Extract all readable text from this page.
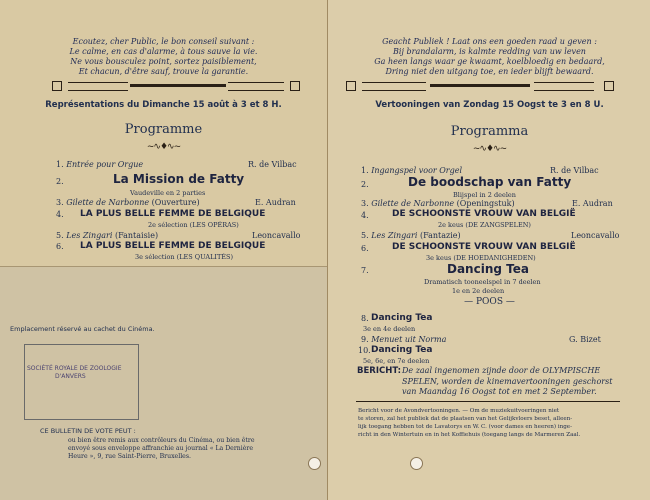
Ecoutez, cher Public, le bon conseil suivant :
Le calme, en cas d'alarme, à tous sauve la vie.
Ne vous bousculez point, sortez paisiblement,
Et chacun, d'être sauf, trouve la garantie.
Représentations du Dimanche 15 août à 3 et 8 H.
Programme
~∿♦∿~
1. Entrée pour Orgue	R. de Vilbac
2.	La Mission de Fatty
Vaudeville en 2 parties
3. Gilette de Narbonne (Ouverture)	E. Audran
4. LA PLUS BELLE FEMME DE BELGIQUE
2e sélection (LES OPÉRAS)
5. Les Zingari (Fantaisie)	Leoncavallo
6. LA PLUS BELLE FEMME DE BELGIQUE
3e sélection (LES QUALITÉS)
Emplacement réservé au cachet du Cinéma.
SOCIÉTÉ ROYALE DE ZOOLOGIE
D'ANVERS
CE BULLETIN DE VOTE PEUT :
ou bien être remis aux contrôleurs du Cinéma, ou bien être
envoyé sous enveloppe affranchie au journal « La Dernière
Heure », 9, rue Saint-Pierre, Bruxelles.
Geacht Publiek ! Laat ons een goeden raad u geven :
Bij brandalarm, is kalmte redding van uw leven
Ga heen langs waar ge kwaamt, koelbloedig en bedaard,
Dring niet den uitgang toe, en ieder blijft bewaard.
Vertooningen van Zondag 15 Oogst te 3 en 8 U.
Programma
~∿♦∿~
1. Ingangspel voor Orgel	R. de Vilbac
2.	De boodschap van Fatty
Blijspel in 2 deelen
3. Gilette de Narbonne (Openingstuk)	E. Audran
4.	DE SCHOONSTE VROUW VAN BELGIË
2e keus (DE ZANGSPELEN)
5. Les Zingari (Fantazie)	Leoncavallo
6.	DE SCHOONSTE VROUW VAN BELGIË
3e keus (DE HOEDANIGHEDEN)
7.	Dancing Tea
Dramatisch tooneelspel in 7 deelen
1e en 2e deelen
— POOS —
8. Dancing Tea
3e en 4e deelen
9. Menuet uit Norma	G. Bizet
10. Dancing Tea
5e, 6e, en 7e deelen
BERICHT: De zaal ingenomen zijnde door de OLYMPISCHE
SPELEN, worden de kinemavertooningen geschorst
van Maandag 16 Oogst tot en met 2 September.
Bericht voor de Avondvertooningen. — Om de muziekuitvoeringen niet
te storen, zal het publiek dat de plaatsen van het Gelijkvloers beset, alleen-
lijk toegang hebben tot de Lavatorys en W. C. (voor dames en heeren) inge-
richt in den Wintertuin en in het Koffiehuis (toegang langs de Marmeren Zaal.
